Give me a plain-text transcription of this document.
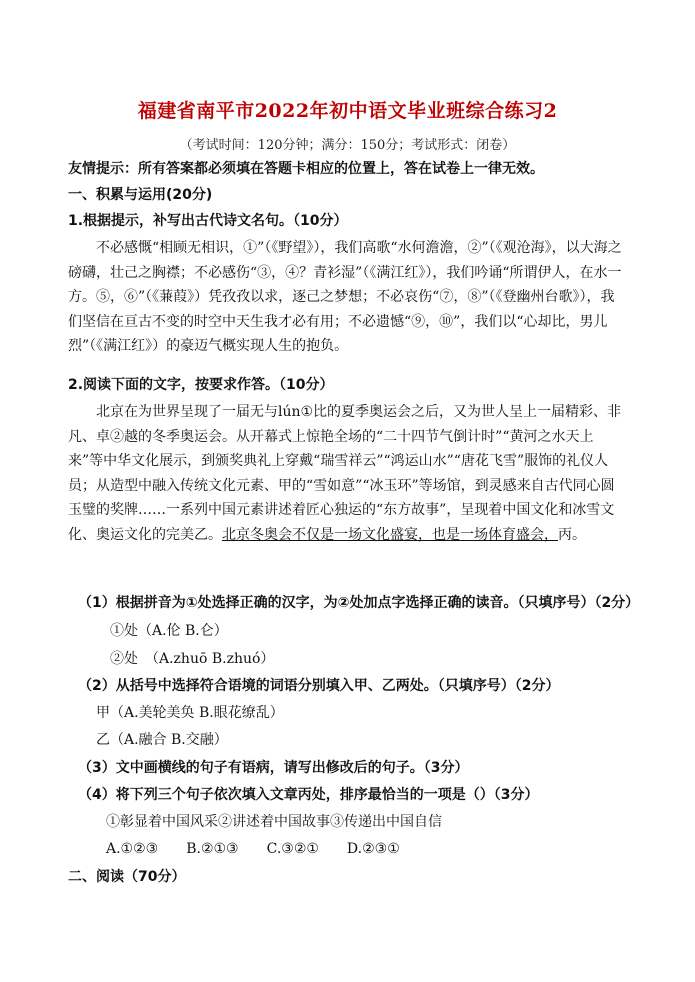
福建省南平市2022年初中语文毕业班综合练习2
（考试时间：120分钟；满分：150分；考试形式：闭卷）
友情提示：所有答案都必须填在答题卡相应的位置上，答在试卷上一律无效。
一、积累与运用(20分)
1.根据提示，补写出古代诗文名句。（10分）
不必感慨“相顾无相识，①”（《野望》），我们高歌“水何澹澹，②”（《观沧海》，以大海之磅礴，壮己之胸襟；不必感伤“③，④？青衫湿”（《满江红》），我们吟诵“所谓伊人，在水一方。⑤，⑥”（《蒹葭》）凭孜孜以求，逐己之梦想；不必哀伤“⑦，⑧”（《登幽州台歌》），我们坚信在亘古不变的时空中天生我才必有用；不必遗憾“⑨，⑩”，我们以“心却比，男儿烈”（《满江红》）的豪迈气概实现人生的抱负。
2.阅读下面的文字，按要求作答。（10分）
北京在为世界呈现了一届无与lún①比的夏季奥运会之后，又为世人呈上一届精彩、非凡、卓②越的冬季奥运会。从开幕式上惊艳全场的“二十四节气倒计时”“黄河之水天上来”等中华文化展示，到颁奖典礼上穿戴“瑞雪祥云”“鸿运山水”“唐花飞雪”服饰的礼仪人员；从造型中融入传统文化元素、甲的“雪如意”“冰玉环”等场馆，到灵感来自古代同心圆玉璧的奖牌……一系列中国元素讲述着匠心独运的“东方故事”，呈现着中国文化和冰雪文化、奥运文化的完美乙。北京冬奥会不仅是一场文化盛宴，也是一场体育盛会，丙。
（1）根据拼音为①处选择正确的汉字，为②处加点字选择正确的读音。（只填序号）（2分）
①处（A.伦 B.仑）
②处　（A.zhuō B.zhuó）
（2）从括号中选择符合语境的词语分别填入甲、乙两处。（只填序号）（2分）
甲（A.美轮美奂 B.眼花缭乱）
乙（A.融合 B.交融）
（3）文中画横线的句子有语病，请写出修改后的句子。（3分）
（4）将下列三个句子依次填入文章丙处，排序最恰当的一项是（）（3分）
①彰显着中国风采②讲述着中国故事③传递出中国自信
A.①②③　　B.②①③　　C.③②①　　D.②③①
二、阅读（70分）
